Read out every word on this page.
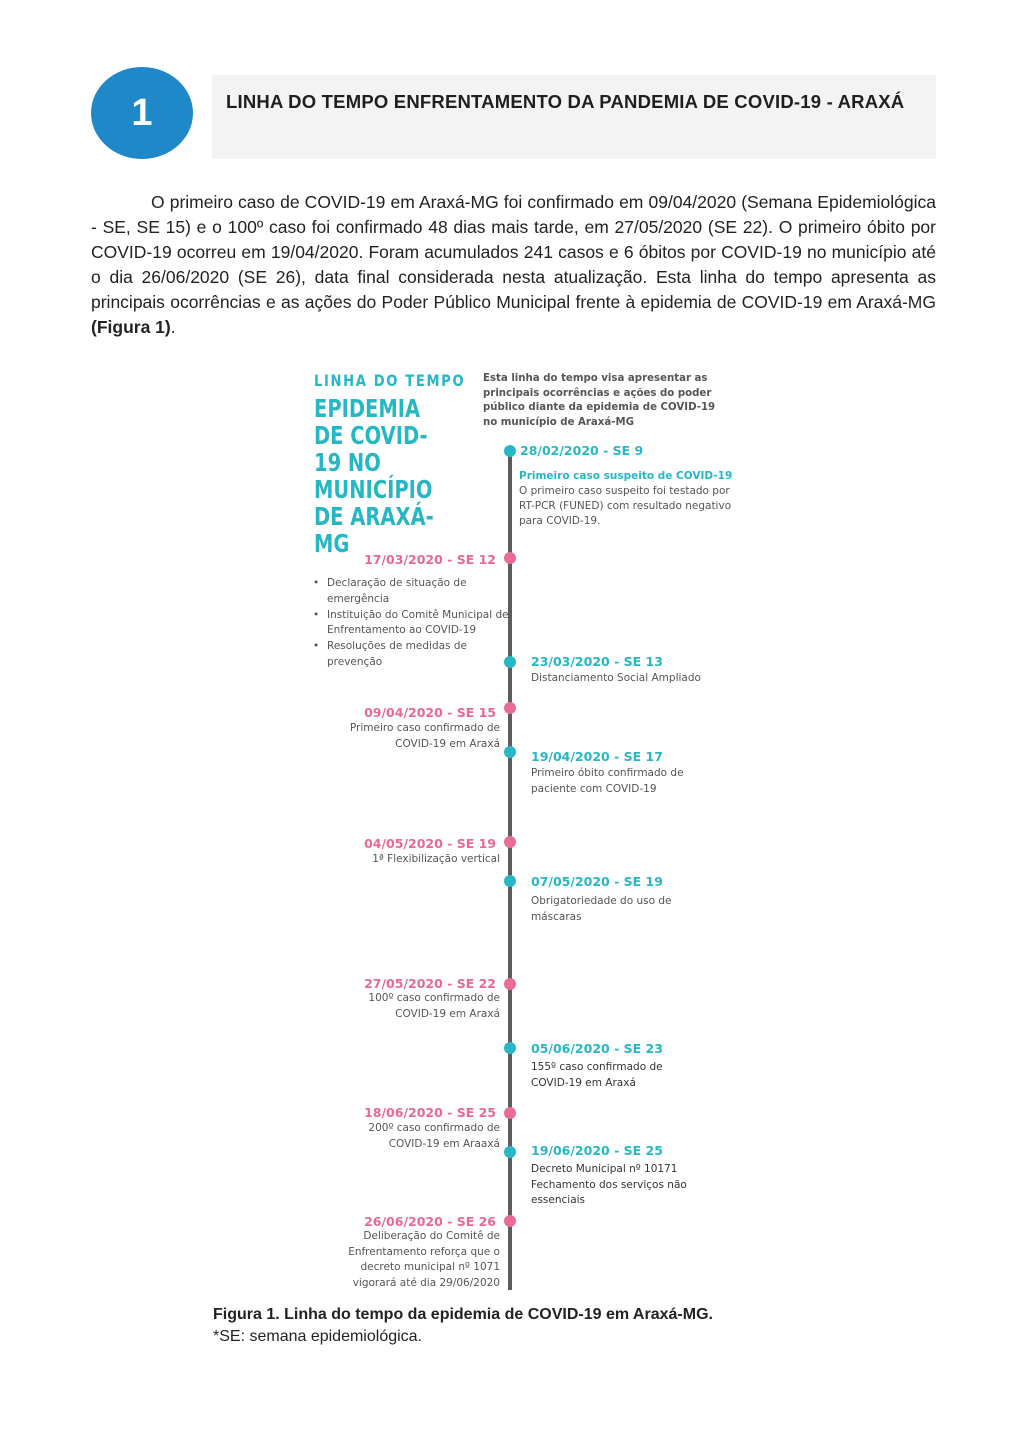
1	LINHA DO TEMPO ENFRENTAMENTO DA PANDEMIA DE COVID-19 - ARAXÁ

O primeiro caso de COVID-19 em Araxá-MG foi confirmado em 09/04/2020 (Semana Epidemiológica - SE, SE 15) e o 100º caso foi confirmado 48 dias mais tarde, em 27/05/2020 (SE 22). O primeiro óbito por COVID-19 ocorreu em 19/04/2020. Foram acumulados 241 casos e 6 óbitos por COVID-19 no município até o dia 26/06/2020 (SE 26), data final considerada nesta atualização. Esta linha do tempo apresenta as principais ocorrências e as ações do Poder Público Municipal frente à epidemia de COVID-19 em Araxá-MG (Figura 1).

LINHA DO TEMPO
EPIDEMIA DE COVID-19 NO MUNICÍPIO DE ARAXÁ-MG
Esta linha do tempo visa apresentar as principais ocorrências e ações do poder público diante da epidemia de COVID-19 no município de Araxá-MG
28/02/2020 - SE 9
Primeiro caso suspeito de COVID-19
O primeiro caso suspeito foi testado por RT-PCR (FUNED) com resultado negativo para COVID-19.
17/03/2020 - SE 12
• Declaração de situação de emergência
• Instituição do Comitê Municipal de Enfrentamento ao COVID-19
• Resoluções de medidas de prevenção	23/03/2020 - SE 13
Distanciamento Social Ampliado
09/04/2020 - SE 15
Primeiro caso confirmado de COVID-19 em Araxá
19/04/2020 - SE 17
Primeiro óbito confirmado de paciente com COVID-19
04/05/2020 - SE 19
1ª Flexibilização vertical
07/05/2020 - SE 19
Obrigatoriedade do uso de máscaras
27/05/2020 - SE 22
100º caso confirmado de COVID-19 em Araxá
05/06/2020 - SE 23
155º caso confirmado de COVID-19 em Araxá
18/06/2020 - SE 25
200º caso confirmado de COVID-19 em Araaxá 19/06/2020 - SE 25
Decreto Municipal nº 10171 Fechamento dos serviços não essenciais
26/06/2020 - SE 26
Deliberação do Comitê de Enfrentamento reforça que o decreto municipal nº 1071 vigorará até dia 29/06/2020
Figura 1. Linha do tempo da epidemia de COVID-19 em Araxá-MG.
*SE: semana epidemiológica.
